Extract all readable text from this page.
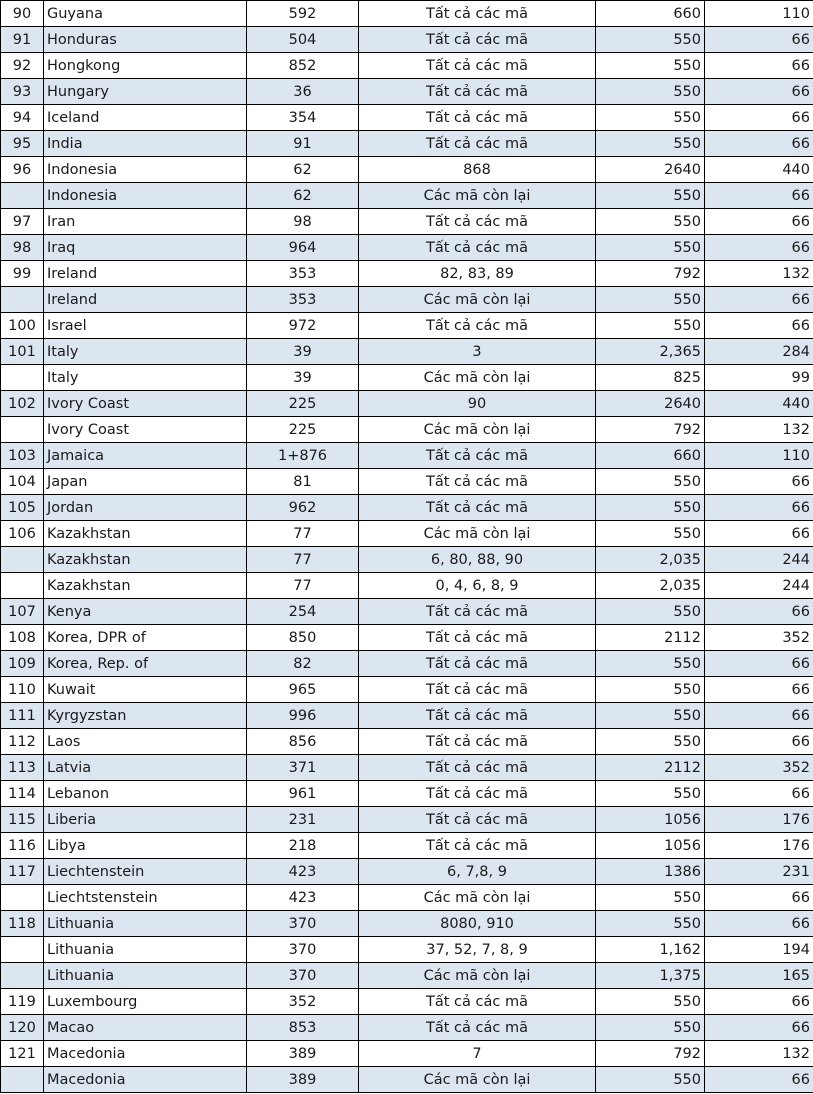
90	Guyana	592	Tất cả các mã	660	110
91	Honduras	504	Tất cả các mã	550	66
92	Hongkong	852	Tất cả các mã	550	66
93	Hungary	36	Tất cả các mã	550	66
94	Iceland	354	Tất cả các mã	550	66
95	India	91	Tất cả các mã	550	66
96	Indonesia	62	868	2640	440
	Indonesia	62	Các mã còn lại	550	66
97	Iran	98	Tất cả các mã	550	66
98	Iraq	964	Tất cả các mã	550	66
99	Ireland	353	82, 83, 89	792	132
	Ireland	353	Các mã còn lại	550	66
100	Israel	972	Tất cả các mã	550	66
101	Italy	39	3	2,365	284
	Italy	39	Các mã còn lại	825	99
102	Ivory Coast	225	90	2640	440
	Ivory Coast	225	Các mã còn lại	792	132
103	Jamaica	1+876	Tất cả các mã	660	110
104	Japan	81	Tất cả các mã	550	66
105	Jordan	962	Tất cả các mã	550	66
106	Kazakhstan	77	Các mã còn lại	550	66
	Kazakhstan	77	6, 80, 88, 90	2,035	244
	Kazakhstan	77	0, 4, 6, 8, 9	2,035	244
107	Kenya	254	Tất cả các mã	550	66
108	Korea, DPR of	850	Tất cả các mã	2112	352
109	Korea, Rep. of	82	Tất cả các mã	550	66
110	Kuwait	965	Tất cả các mã	550	66
111	Kyrgyzstan	996	Tất cả các mã	550	66
112	Laos	856	Tất cả các mã	550	66
113	Latvia	371	Tất cả các mã	2112	352
114	Lebanon	961	Tất cả các mã	550	66
115	Liberia	231	Tất cả các mã	1056	176
116	Libya	218	Tất cả các mã	1056	176
117	Liechtenstein	423	6, 7,8, 9	1386	231
	Liechtstenstein	423	Các mã còn lại	550	66
118	Lithuania	370	8080, 910	550	66
	Lithuania	370	37, 52, 7, 8, 9	1,162	194
	Lithuania	370	Các mã còn lại	1,375	165
119	Luxembourg	352	Tất cả các mã	550	66
120	Macao	853	Tất cả các mã	550	66
121	Macedonia	389	7	792	132
	Macedonia	389	Các mã còn lại	550	66
